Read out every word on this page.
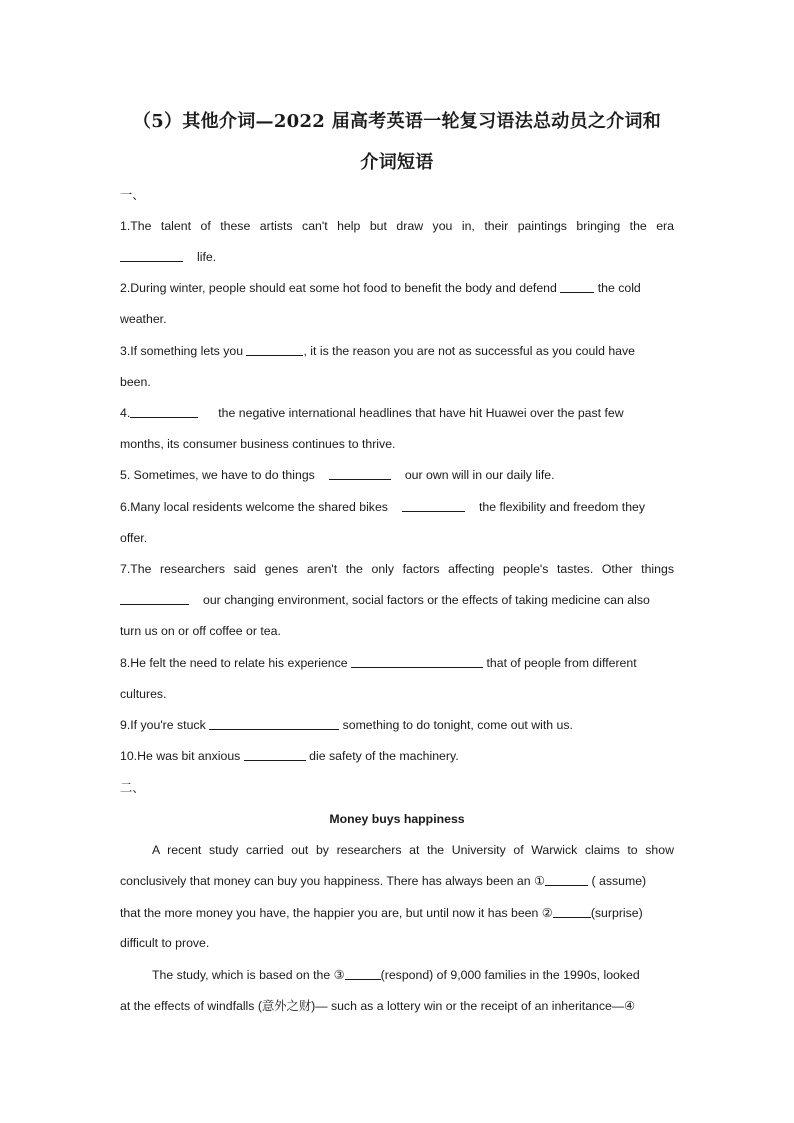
（5）其他介词—2022 届高考英语一轮复习语法总动员之介词和
介词短语
一、
1.The talent of these artists can't help but draw you in, their paintings bringing the era
life.
2.During winter, people should eat some hot food to benefit the body and defend	the cold
weather.
3.If something lets you	, it is the reason you are not as successful as you could have
been.
4.	the negative international headlines that have hit Huawei over the past few
months, its consumer business continues to thrive.
5. Sometimes, we have to do things	our own will in our daily life.
6.Many local residents welcome the shared bikes	the flexibility and freedom they
offer.
7.The researchers said genes aren't the only factors affecting people's tastes. Other things
our changing environment, social factors or the effects of taking medicine can also
turn us on or off coffee or tea.
8.He felt the need to relate his experience	that of people from different
cultures.
9.If you're stuck	something to do tonight, come out with us.
10.He was bit anxious	die safety of the machinery.
二、
Money buys happiness
A recent study carried out by researchers at the University of Warwick claims to show
conclusively that money can buy you happiness. There has always been an ①	( assume)
that the more money you have, the happier you are, but until now it has been ②	(surprise)
difficult to prove.
The study, which is based on the ③	(respond) of 9,000 families in the 1990s, looked
at the effects of windfalls (意外之财)— such as a lottery win or the receipt of an inheritance—④
